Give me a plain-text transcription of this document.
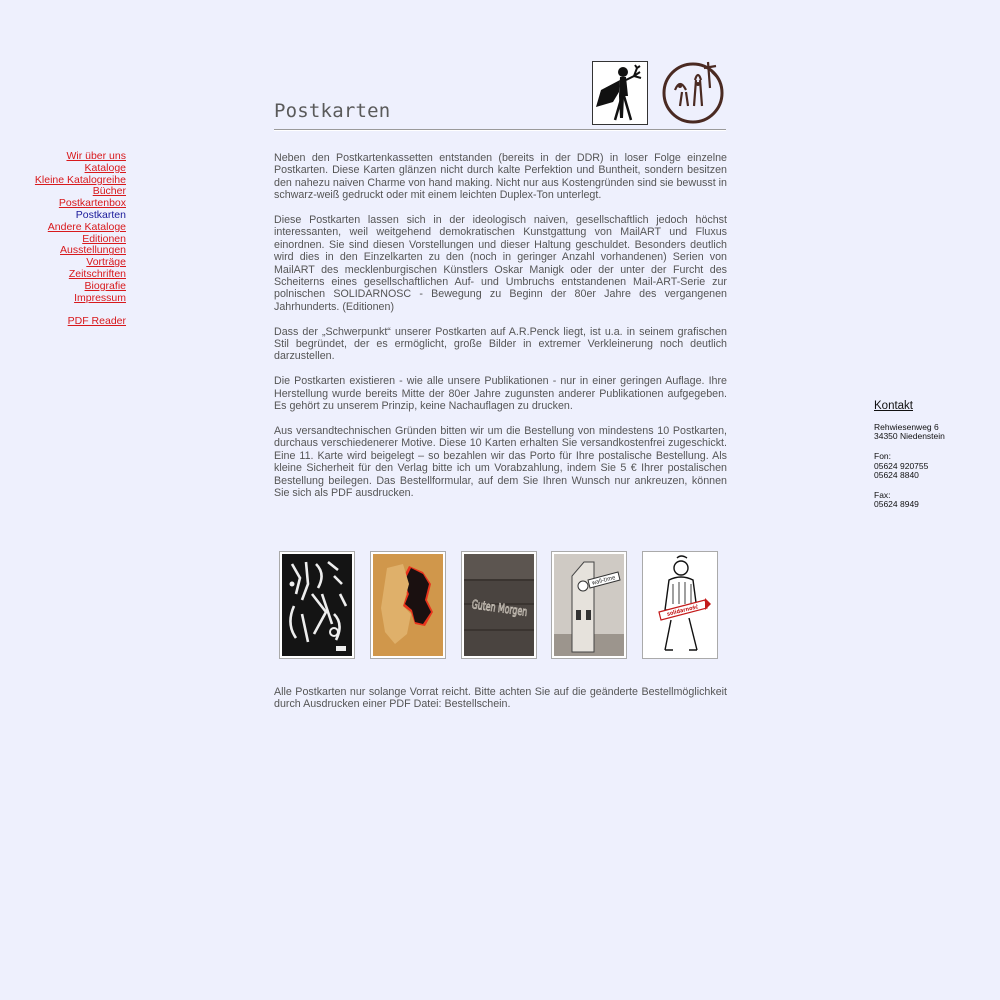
Postkarten
Wir über uns
Kataloge
Kleine Katalogreihe
Bücher
Postkartenbox
Postkarten
Andere Kataloge
Editionen
Ausstellungen
Vorträge
Zeitschriften
Biografie
Impressum
PDF Reader

Neben den Postkartenkassetten entstanden (bereits in der DDR) in loser Folge einzelne Postkarten. Diese Karten glänzen nicht durch kalte Perfektion und Buntheit, sondern besitzen den nahezu naiven Charme von hand making. Nicht nur aus Kostengründen sind sie bewusst in schwarz-weiß gedruckt oder mit einem leichten Duplex-Ton unterlegt.

Diese Postkarten lassen sich in der ideologisch naiven, gesellschaftlich jedoch höchst interessanten, weil weitgehend demokratischen Kunstgattung von MailART und Fluxus einordnen. Sie sind diesen Vorstellungen und dieser Haltung geschuldet. Besonders deutlich wird dies in den Einzelkarten zu den (noch in geringer Anzahl vorhandenen) Serien von MailART des mecklenburgischen Künstlers Oskar Manigk oder der unter der Furcht des Scheiterns eines gesellschaftlichen Auf- und Umbruchs entstandenen Mail-ART-Serie zur polnischen SOLIDARNOSC - Bewegung zu Beginn der 80er Jahre des vergangenen Jahrhunderts. (Editionen)

Dass der „Schwerpunkt“ unserer Postkarten auf A.R.Penck liegt, ist u.a. in seinem grafischen Stil begründet, der es ermöglicht, große Bilder in extremer Verkleinerung noch deutlich darzustellen.

Die Postkarten existieren - wie alle unsere Publikationen - nur in einer geringen Auflage. Ihre Herstellung wurde bereits Mitte der 80er Jahre zugunsten anderer Publikationen aufgegeben. Es gehört zu unserem Prinzip, keine Nachauflagen zu drucken.

Aus versandtechnischen Gründen bitten wir um die Bestellung von mindestens 10 Postkarten, durchaus verschiedenerer Motive. Diese 10 Karten erhalten Sie versandkostenfrei zugeschickt. Eine 11. Karte wird beigelegt – so bezahlen wir das Porto für Ihre postalische Bestellung. Als kleine Sicherheit für den Verlag bitte ich um Vorabzahlung, indem Sie 5 € Ihrer postalischen Bestellung beilegen. Das Bestellformular, auf dem Sie Ihren Wunsch nur ankreuzen, können Sie sich als PDF ausdrucken.

Guten Morgen
wall-time
solidarność

Alle Postkarten nur solange Vorrat reicht. Bitte achten Sie auf die geänderte Bestellmöglichkeit durch Ausdrucken einer PDF Datei: Bestellschein.

Kontakt
Rehwiesenweg 6
34350 Niedenstein
Fon:
05624 920755
05624 8840
Fax:
05624 8949
